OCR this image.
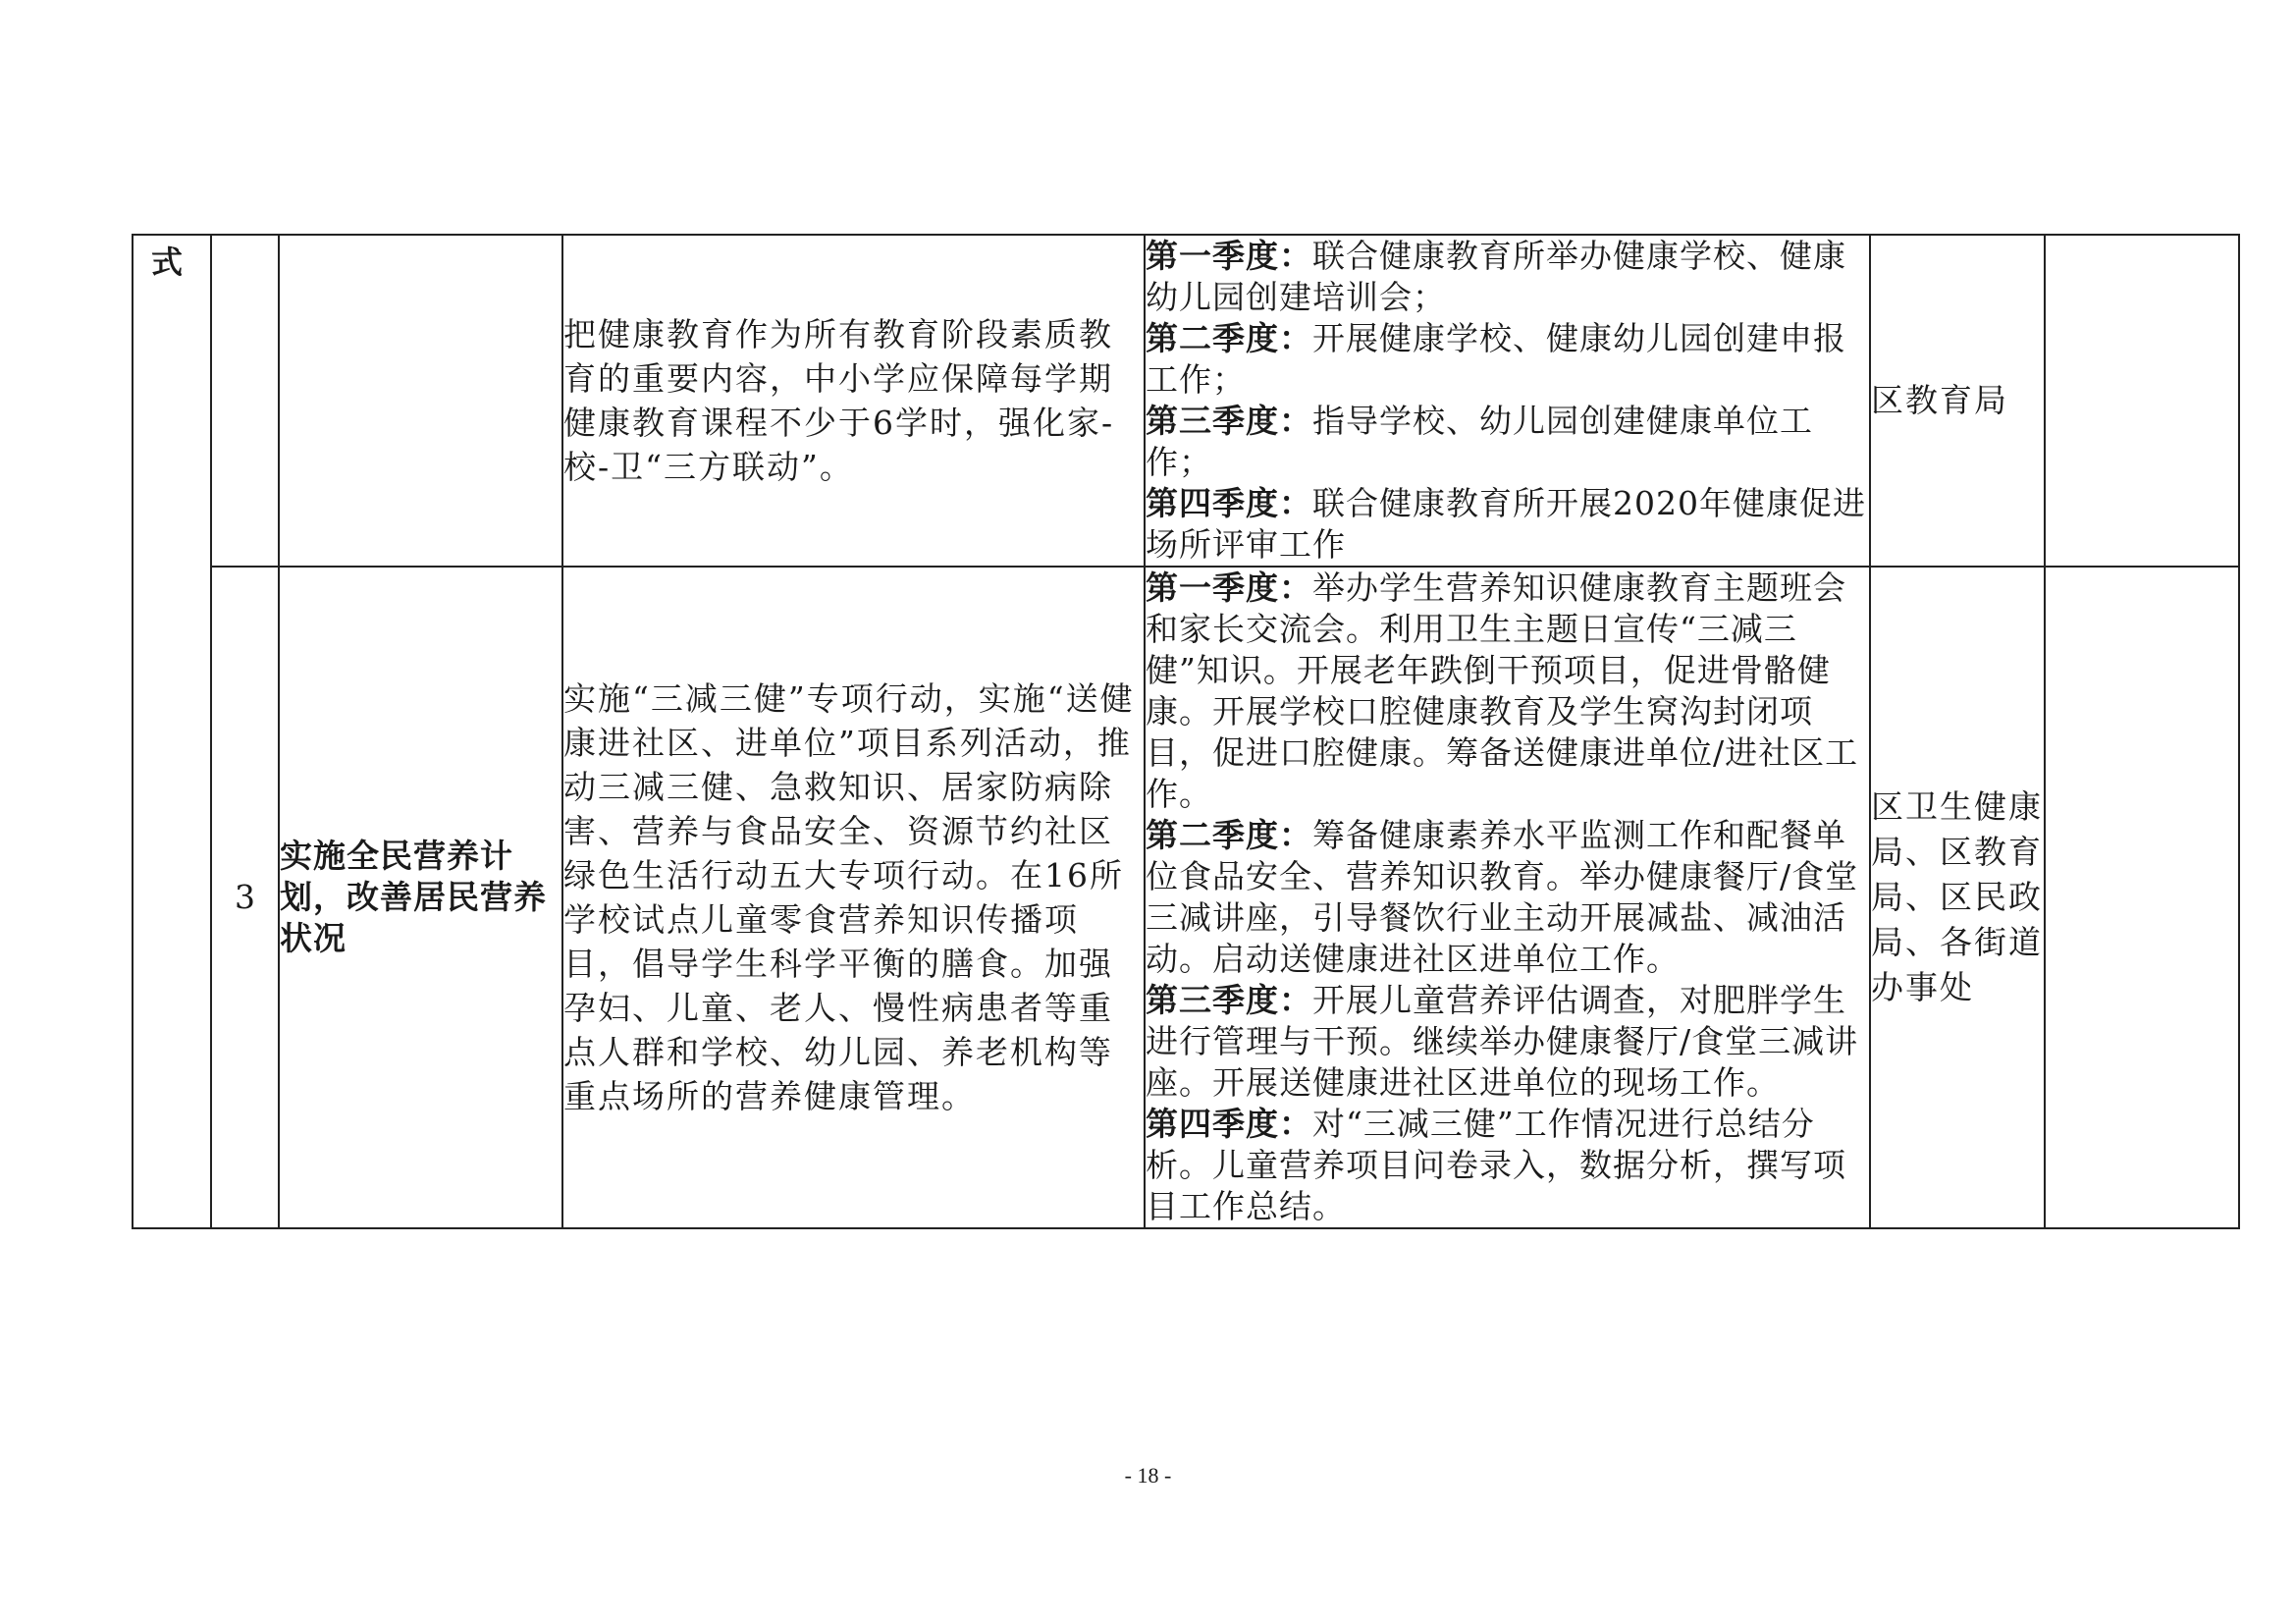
式			把健康教育作为所有教育阶段素质教育的重要内容，中小学应保障每学期健康教育课程不少于6学时，强化家-校-卫“三方联动”。	第一季度：联合健康教育所举办健康学校、健康幼儿园创建培训会；
第二季度：开展健康学校、健康幼儿园创建申报工作；
第三季度：指导学校、幼儿园创建健康单位工作；
第四季度：联合健康教育所开展2020年健康促进场所评审工作	区教育局	

	3	实施全民营养计划，改善居民营养状况	实施“三减三健”专项行动，实施“送健康进社区、进单位”项目系列活动，推动三减三健、急救知识、居家防病除害、营养与食品安全、资源节约社区绿色生活行动五大专项行动。在16所学校试点儿童零食营养知识传播项目，倡导学生科学平衡的膳食。加强孕妇、儿童、老人、慢性病患者等重点人群和学校、幼儿园、养老机构等重点场所的营养健康管理。	第一季度：举办学生营养知识健康教育主题班会和家长交流会。利用卫生主题日宣传“三减三健”知识。开展老年跌倒干预项目，促进骨骼健康。开展学校口腔健康教育及学生窝沟封闭项目，促进口腔健康。筹备送健康进单位/进社区工作。
第二季度：筹备健康素养水平监测工作和配餐单位食品安全、营养知识教育。举办健康餐厅/食堂三减讲座，引导餐饮行业主动开展减盐、减油活动。启动送健康进社区进单位工作。
第三季度：开展儿童营养评估调查，对肥胖学生进行管理与干预。继续举办健康餐厅/食堂三减讲座。开展送健康进社区进单位的现场工作。
第四季度：对“三减三健”工作情况进行总结分析。儿童营养项目问卷录入，数据分析，撰写项目工作总结。	区卫生健康局、区教育局、区民政局、各街道办事处	

- 18 -
